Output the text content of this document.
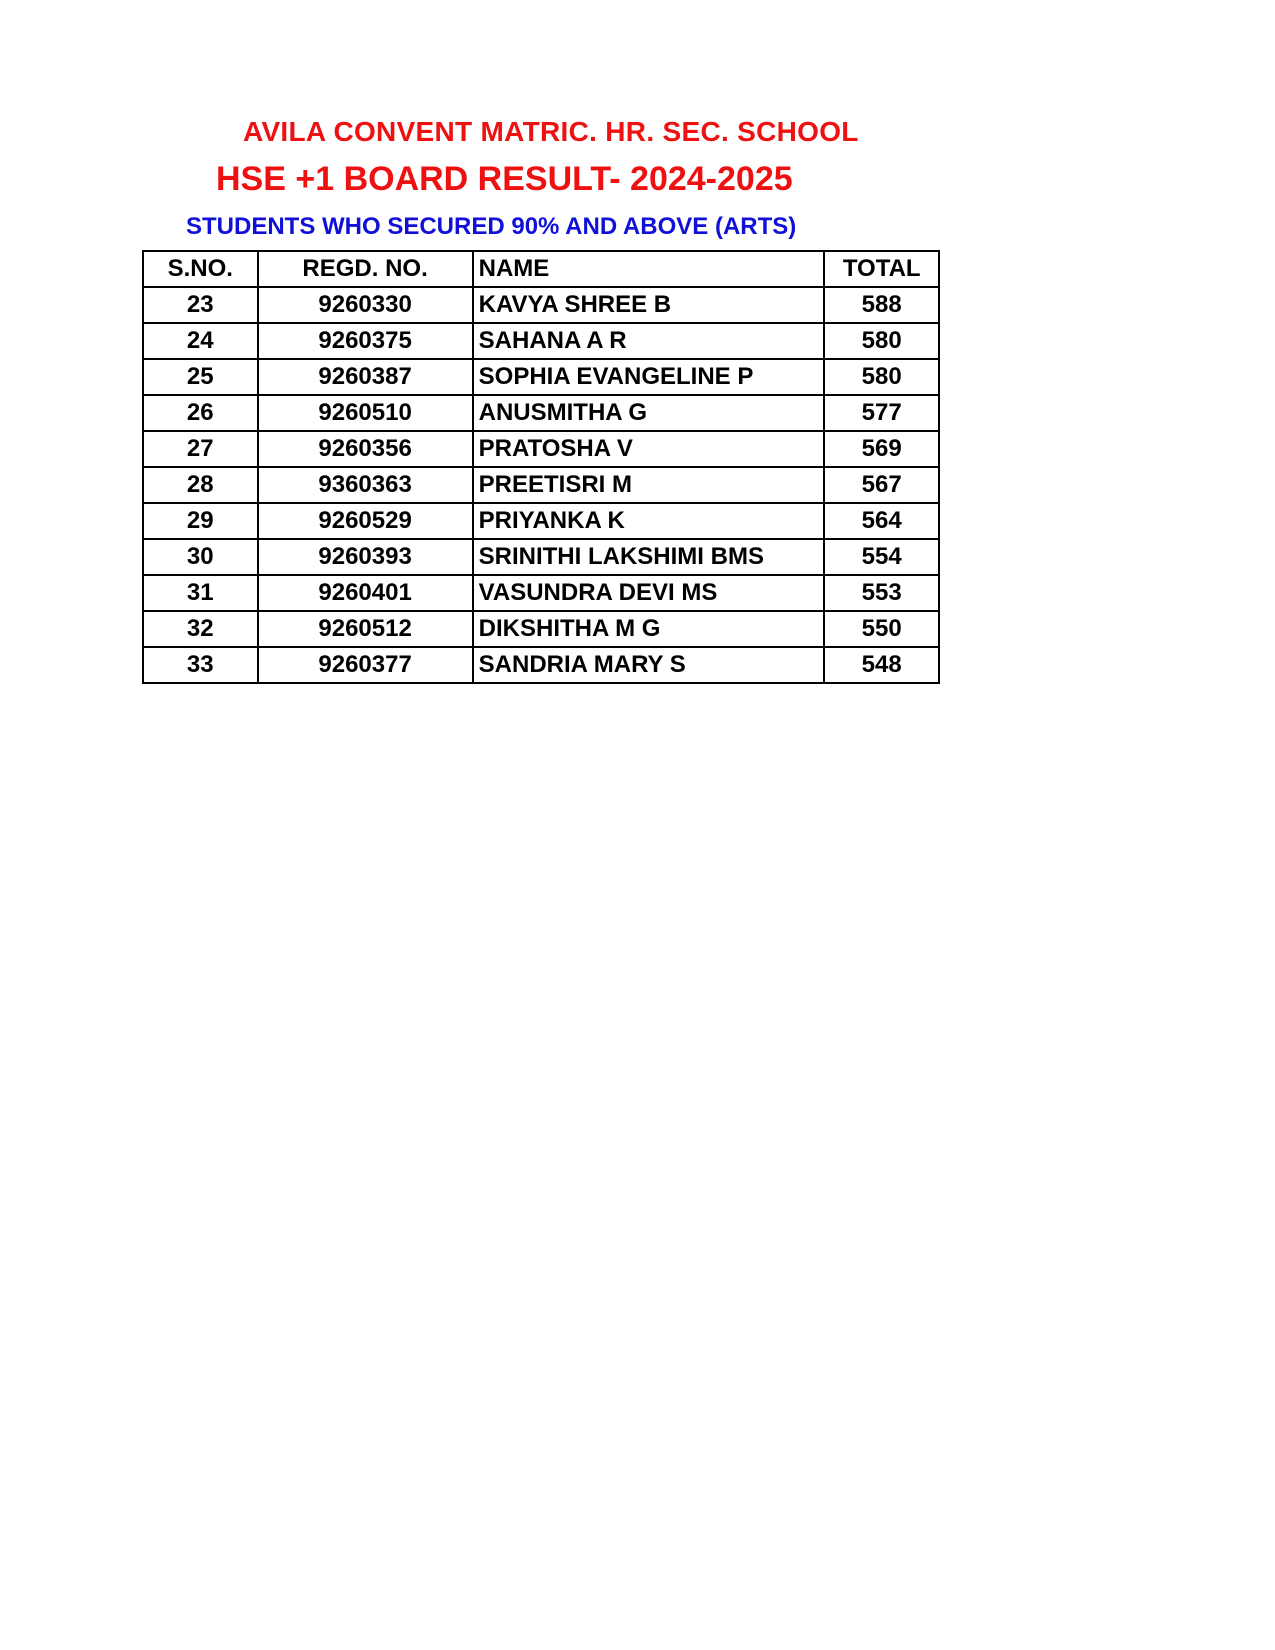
AVILA CONVENT MATRIC. HR. SEC. SCHOOL
HSE +1 BOARD RESULT- 2024-2025
STUDENTS WHO SECURED 90% AND ABOVE (ARTS)
S.NO.	REGD. NO.	NAME	TOTAL
23	9260330	KAVYA SHREE B	588
24	9260375	SAHANA A R	580
25	9260387	SOPHIA EVANGELINE P	580
26	9260510	ANUSMITHA G	577
27	9260356	PRATOSHA V	569
28	9360363	PREETISRI M	567
29	9260529	PRIYANKA K	564
30	9260393	SRINITHI LAKSHIMI BMS	554
31	9260401	VASUNDRA DEVI MS	553
32	9260512	DIKSHITHA M G	550
33	9260377	SANDRIA MARY S	548
